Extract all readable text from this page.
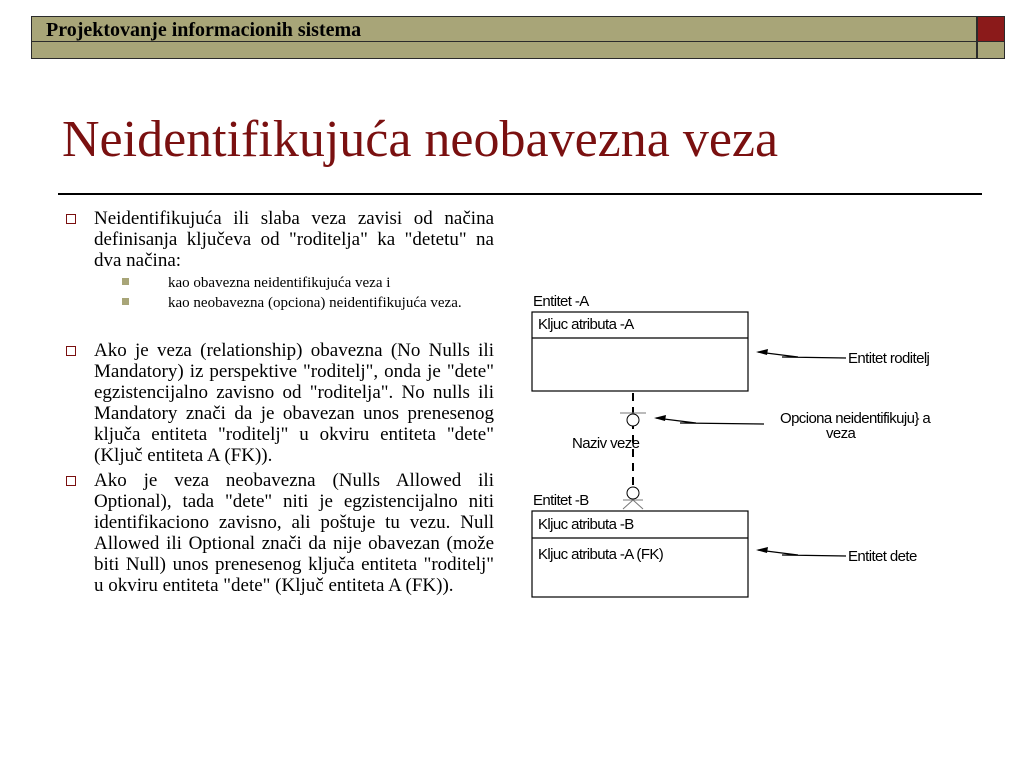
Projektovanje informacionih sistema
Neidentifikujuća neobavezna veza
Neidentifikujuća ili slaba veza zavisi od načina definisanja ključeva od "roditelja" ka "detetu" na dva načina:
kao obavezna neidentifikujuća veza i
kao neobavezna (opciona) neidentifikujuća veza.
Ako je veza (relationship) obavezna (No Nulls ili Mandatory) iz perspektive "roditelj", onda je "dete" egzistencijalno zavisno od "roditelja". No nulls ili Mandatory znači da je obavezan unos prenesenog ključa entiteta "roditelj" u okviru entiteta "dete" (Ključ entiteta A (FK)).
Ako je veza neobavezna (Nulls Allowed ili Optional), tada "dete" niti je egzistencijalno niti identifikaciono zavisno, ali poštuje tu vezu. Null Allowed ili Optional znači da nije obavezan (može biti Null) unos prenesenog ključa entiteta "roditelj" u okviru entiteta "dete" (Ključ entiteta A (FK)).
Entitet -A
Kljuc atributa -A
Entitet roditelj
Opciona neidentifikuju} a
veza
Naziv veze
Entitet -B
Kljuc atributa -B
Kljuc atributa -A (FK)	Entitet dete
